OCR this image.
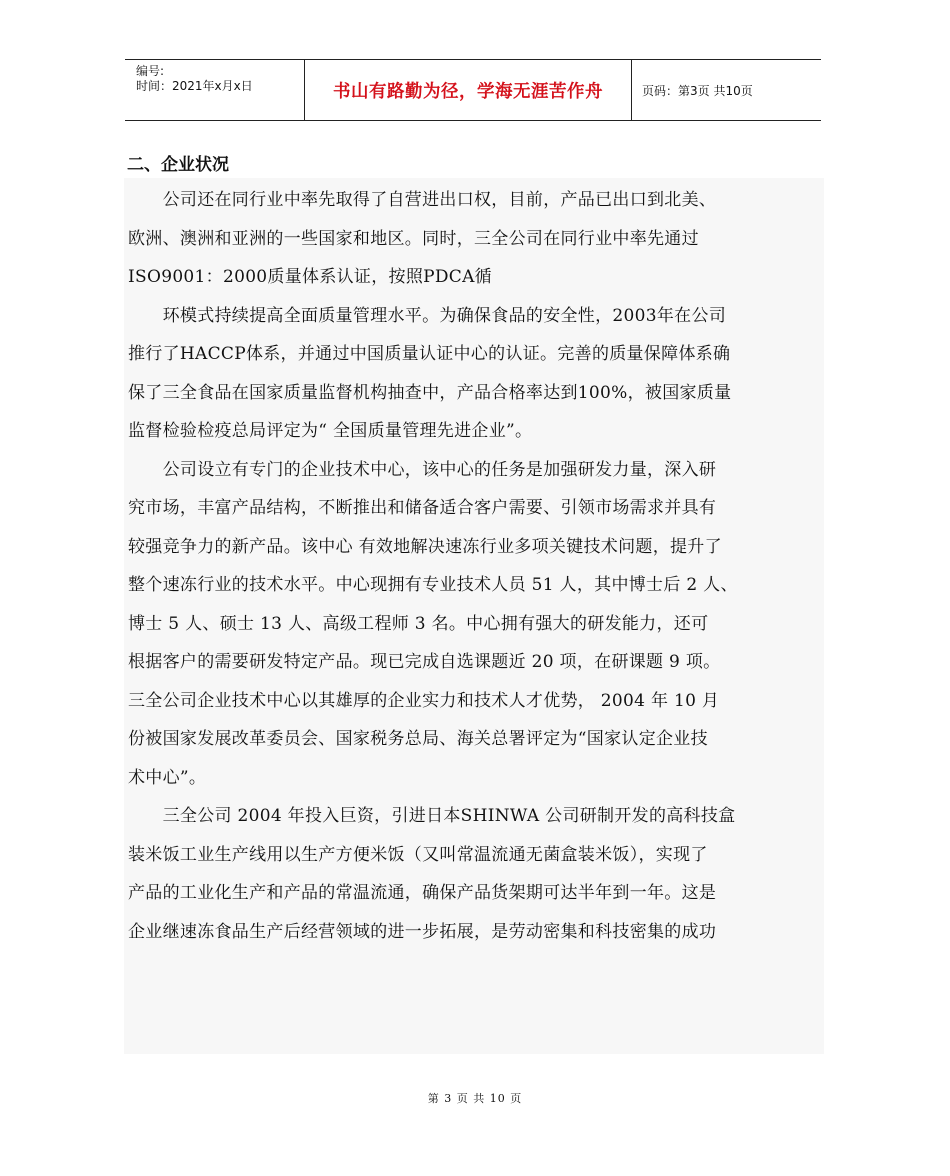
编号:
时间：2021年x月x日	书山有路勤为径，学海无涯苦作舟	页码：第3页 共10页
二、企业状况
　　公司还在同行业中率先取得了自营进出口权，目前，产品已出口到北美、
欧洲、澳洲和亚洲的一些国家和地区。同时，三全公司在同行业中率先通过
ISO9001：2000质量体系认证，按照PDCA循
　　环模式持续提高全面质量管理水平。为确保食品的安全性，2003年在公司
推行了HACCP体系，并通过中国质量认证中心的认证。完善的质量保障体系确
保了三全食品在国家质量监督机构抽查中，产品合格率达到100%，被国家质量
监督检验检疫总局评定为“ 全国质量管理先进企业”。
　　公司设立有专门的企业技术中心，该中心的任务是加强研发力量，深入研
究市场，丰富产品结构，不断推出和储备适合客户需要、引领市场需求并具有
较强竞争力的新产品。该中心 有效地解决速冻行业多项关键技术问题，提升了
整个速冻行业的技术水平。中心现拥有专业技术人员 51 人，其中博士后 2 人、
博士 5 人、硕士 13 人、高级工程师 3 名。中心拥有强大的研发能力，还可
根据客户的需要研发特定产品。现已完成自选课题近 20 项，在研课题 9 项。
三全公司企业技术中心以其雄厚的企业实力和技术人才优势， 2004 年 10 月
份被国家发展改革委员会、国家税务总局、海关总署评定为“国家认定企业技
术中心”。
　　三全公司 2004 年投入巨资，引进日本SHINWA 公司研制开发的高科技盒
装米饭工业生产线用以生产方便米饭（又叫常温流通无菌盒装米饭），实现了
产品的工业化生产和产品的常温流通，确保产品货架期可达半年到一年。这是
企业继速冻食品生产后经营领域的进一步拓展，是劳动密集和科技密集的成功
第 3 页 共 10 页
